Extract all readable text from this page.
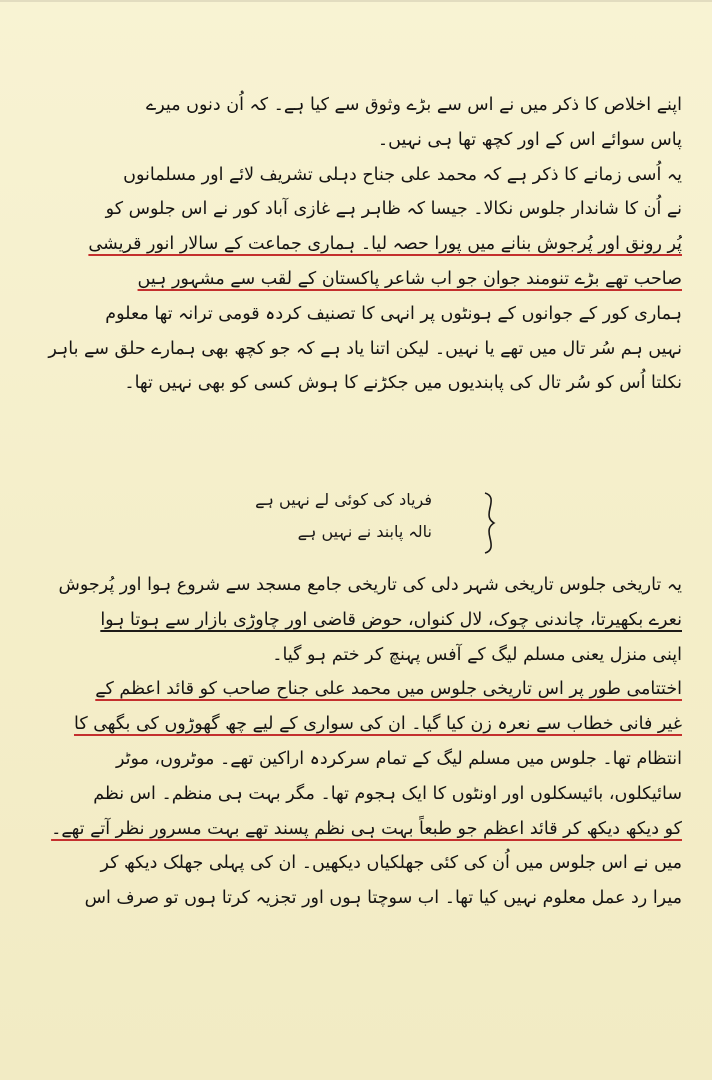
اپنے اخلاص کا ذکر میں نے اس سے بڑے وثوق سے کیا ہے۔ کہ اُن دنوں میرے
پاس سوائے اس کے اور کچھ تھا ہی نہیں۔
یہ اُسی زمانے کا ذکر ہے کہ محمد علی جناح دہلی تشریف لائے اور مسلمانوں
نے اُن کا شاندار جلوس نکالا۔ جیسا کہ ظاہر ہے غازی آباد کور نے اس جلوس کو
پُر رونق اور پُرجوش بنانے میں پورا حصہ لیا۔ ہماری جماعت کے سالار انور قریشی
صاحب تھے بڑے تنومند جوان جو اب شاعر پاکستان کے لقب سے مشہور ہیں
ہماری کور کے جوانوں کے ہونٹوں پر انہی کا تصنیف کردہ قومی ترانہ تھا معلوم
نہیں ہم سُر تال میں تھے یا نہیں۔ لیکن اتنا یاد ہے کہ جو کچھ بھی ہمارے حلق سے باہر
نکلتا اُس کو سُر تال کی پابندیوں میں جکڑنے کا ہوش کسی کو بھی نہیں تھا۔
فریاد کی کوئی لے نہیں ہے
نالہ پابند نے نہیں ہے
یہ تاریخی جلوس تاریخی شہر دلی کی تاریخی جامع مسجد سے شروع ہوا اور پُرجوش
نعرے بکھیرتا، چاندنی چوک، لال کنواں، حوض قاضی اور چاوڑی بازار سے ہوتا ہوا
اپنی منزل یعنی مسلم لیگ کے آفس پہنچ کر ختم ہو گیا۔
اختتامی طور پر اس تاریخی جلوس میں محمد علی جناح صاحب کو قائد اعظم کے
غیر فانی خطاب سے نعرہ زن کیا گیا۔ ان کی سواری کے لیے چھ گھوڑوں کی بگھی کا
انتظام تھا۔ جلوس میں مسلم لیگ کے تمام سرکردہ اراکین تھے۔ موٹروں، موٹر
سائیکلوں، بائیسکلوں اور اونٹوں کا ایک ہجوم تھا۔ مگر بہت ہی منظم۔ اس نظم
کو دیکھ دیکھ کر قائد اعظم جو طبعاً بہت ہی نظم پسند تھے بہت مسرور نظر آتے تھے۔
میں نے اس جلوس میں اُن کی کئی جھلکیاں دیکھیں۔ ان کی پہلی جھلک دیکھ کر
میرا رد عمل معلوم نہیں کیا تھا۔ اب سوچتا ہوں اور تجزیہ کرتا ہوں تو صرف اس
